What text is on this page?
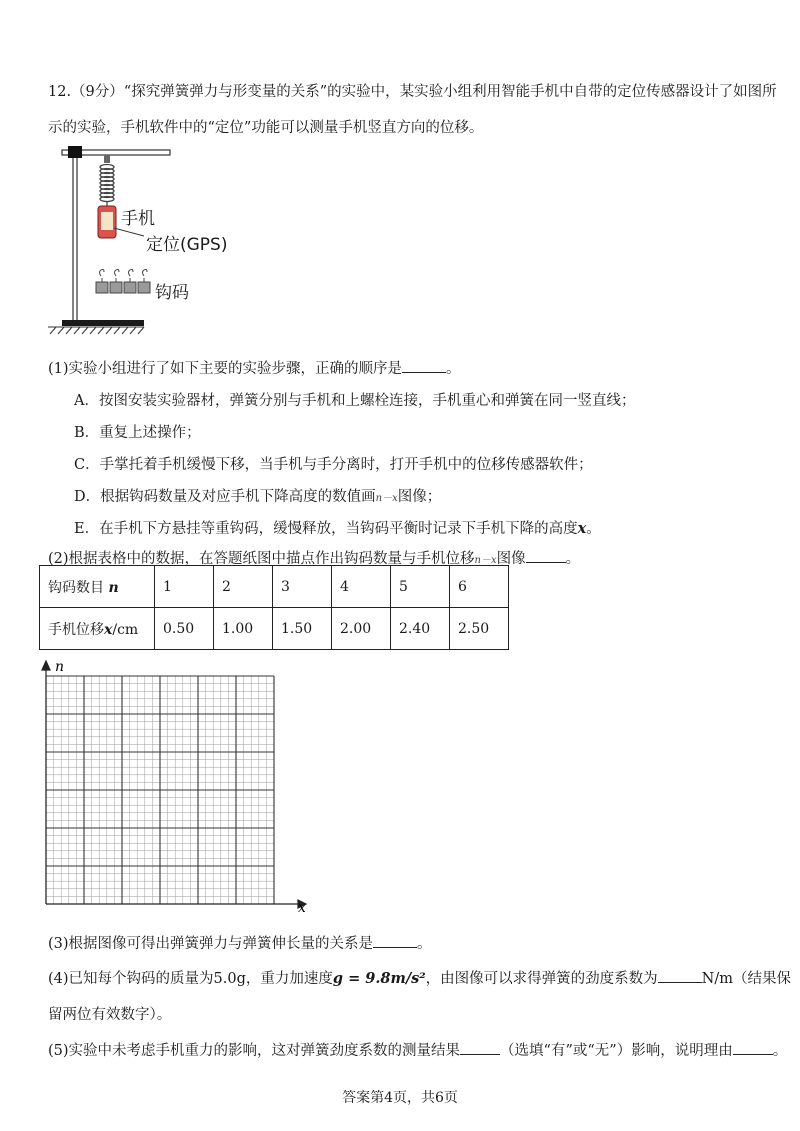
12.（9分）“探究弹簧弹力与形变量的关系”的实验中，某实验小组利用智能手机中自带的定位传感器设计了如图所
示的实验，手机软件中的“定位”功能可以测量手机竖直方向的位移。
手机
定位(GPS)
钩码
(1)实验小组进行了如下主要的实验步骤，正确的顺序是	。
A．按图安装实验器材，弹簧分别与手机和上螺栓连接，手机重心和弹簧在同一竖直线；
B．重复上述操作；
C．手掌托着手机缓慢下移，当手机与手分离时，打开手机中的位移传感器软件；
D．根据钩码数量及对应手机下降高度的数值画n－x图像；
E．在手机下方悬挂等重钩码，缓慢释放，当钩码平衡时记录下手机下降的高度x。
(2)根据表格中的数据，在答题纸图中描点作出钩码数量与手机位移n－x图像	。
钩码数目 n	1	2	3	4	5	6
手机位移x/cm	0.50	1.00	1.50	2.00	2.40	2.50
n
x
(3)根据图像可得出弹簧弹力与弹簧伸长量的关系是	。
(4)已知每个钩码的质量为5.0g，重力加速度g = 9.8m/s²，由图像可以求得弹簧的劲度系数为	N/m（结果保
留两位有效数字）。
(5)实验中未考虑手机重力的影响，这对弹簧劲度系数的测量结果	（选填“有”或“无”）影响，说明理由	。
答案第4页，共6页
